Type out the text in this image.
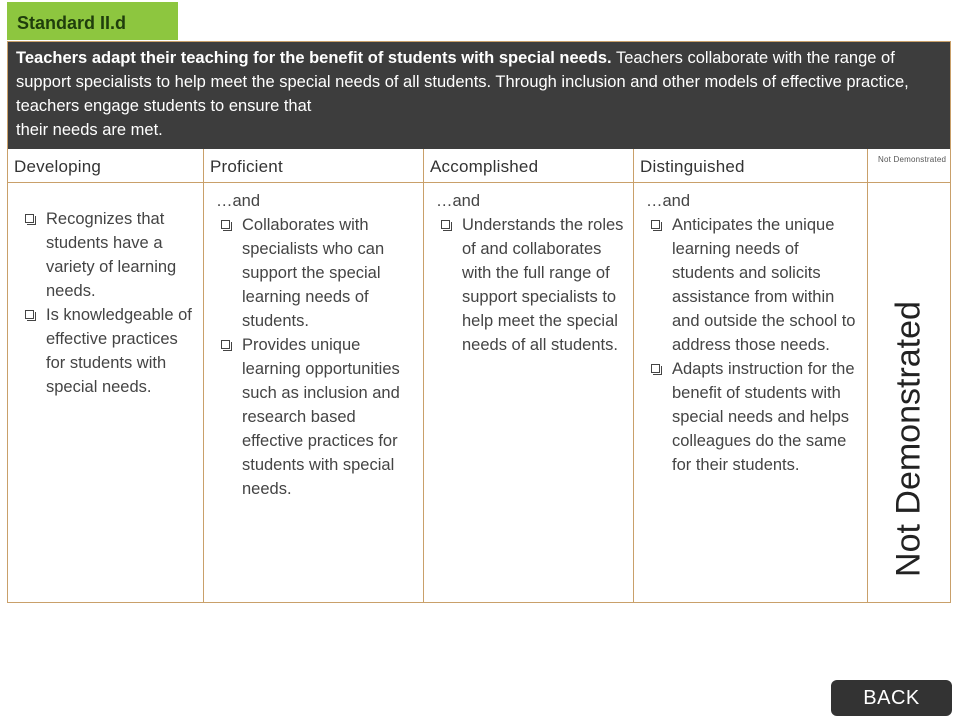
Standard II.d
Teachers adapt their teaching for the benefit of students with special needs. Teachers collaborate with the range of support specialists to help meet the special needs of all students. Through inclusion and other models of effective practice, teachers engage students to ensure that
their needs are met.
Developing
Recognizes that students have a variety of learning needs.
Is knowledgeable of effective practices for students with special needs.
Proficient
…and
Collaborates with specialists who can support the special learning needs of students.
Provides unique learning opportunities such as inclusion and research based effective practices for students with special needs.
Accomplished
…and
Understands the roles of and collaborates with the full range of support specialists to help meet the special needs of all students.
Distinguished
…and
Anticipates the unique learning needs of students and solicits assistance from within and outside the school to address those needs.
Adapts instruction for the benefit of students with special needs and helps colleagues do the same for their students.
Not Demonstrated
Not Demonstrated
BACK
